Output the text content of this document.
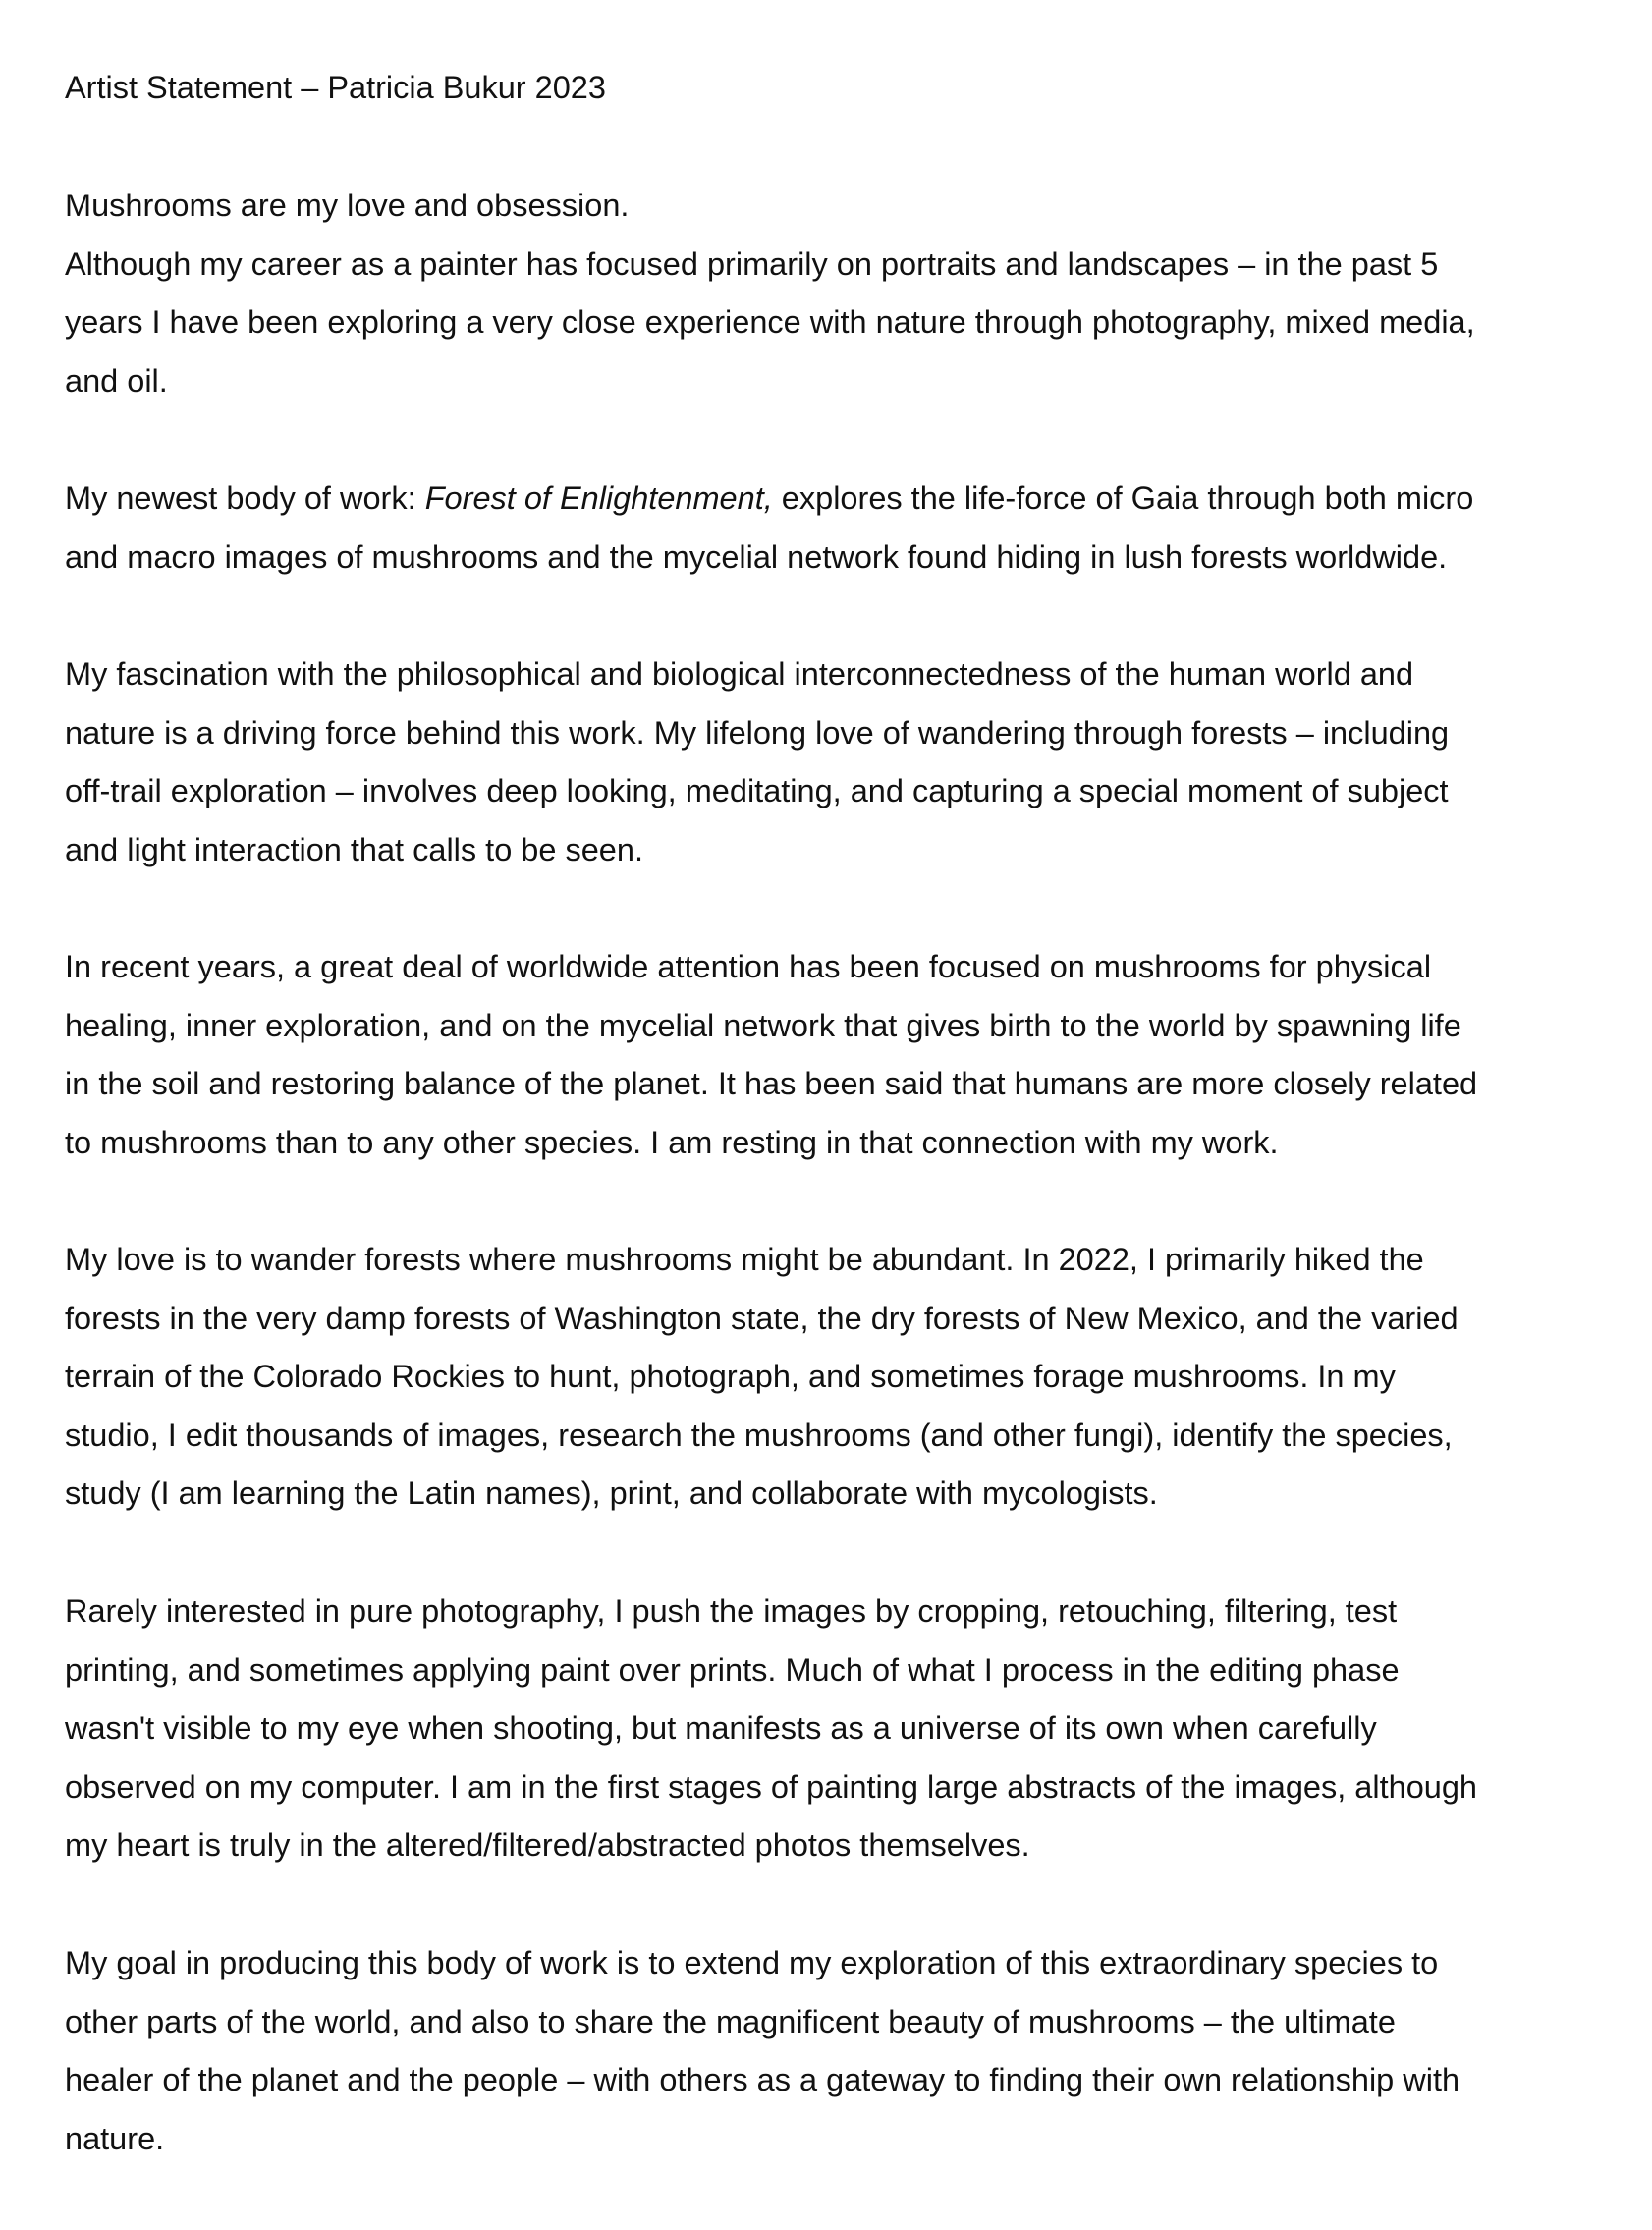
Artist Statement – Patricia Bukur 2023

Mushrooms are my love and obsession.
Although my career as a painter has focused primarily on portraits and landscapes – in the past 5
years I have been exploring a very close experience with nature through photography, mixed media,
and oil.

My newest body of work: Forest of Enlightenment, explores the life-force of Gaia through both micro
and macro images of mushrooms and the mycelial network found hiding in lush forests worldwide.

My fascination with the philosophical and biological interconnectedness of the human world and
nature is a driving force behind this work. My lifelong love of wandering through forests – including
off-trail exploration – involves deep looking, meditating, and capturing a special moment of subject
and light interaction that calls to be seen.

In recent years, a great deal of worldwide attention has been focused on mushrooms for physical
healing, inner exploration, and on the mycelial network that gives birth to the world by spawning life
in the soil and restoring balance of the planet. It has been said that humans are more closely related
to mushrooms than to any other species. I am resting in that connection with my work.

My love is to wander forests where mushrooms might be abundant. In 2022, I primarily hiked the
forests in the very damp forests of Washington state, the dry forests of New Mexico, and the varied
terrain of the Colorado Rockies to hunt, photograph, and sometimes forage mushrooms. In my
studio, I edit thousands of images, research the mushrooms (and other fungi), identify the species,
study (I am learning the Latin names), print, and collaborate with mycologists.

Rarely interested in pure photography, I push the images by cropping, retouching, filtering, test
printing, and sometimes applying paint over prints. Much of what I process in the editing phase
wasn't visible to my eye when shooting, but manifests as a universe of its own when carefully
observed on my computer. I am in the first stages of painting large abstracts of the images, although
my heart is truly in the altered/filtered/abstracted photos themselves.

My goal in producing this body of work is to extend my exploration of this extraordinary species to
other parts of the world, and also to share the magnificent beauty of mushrooms – the ultimate
healer of the planet and the people – with others as a gateway to finding their own relationship with
nature.
